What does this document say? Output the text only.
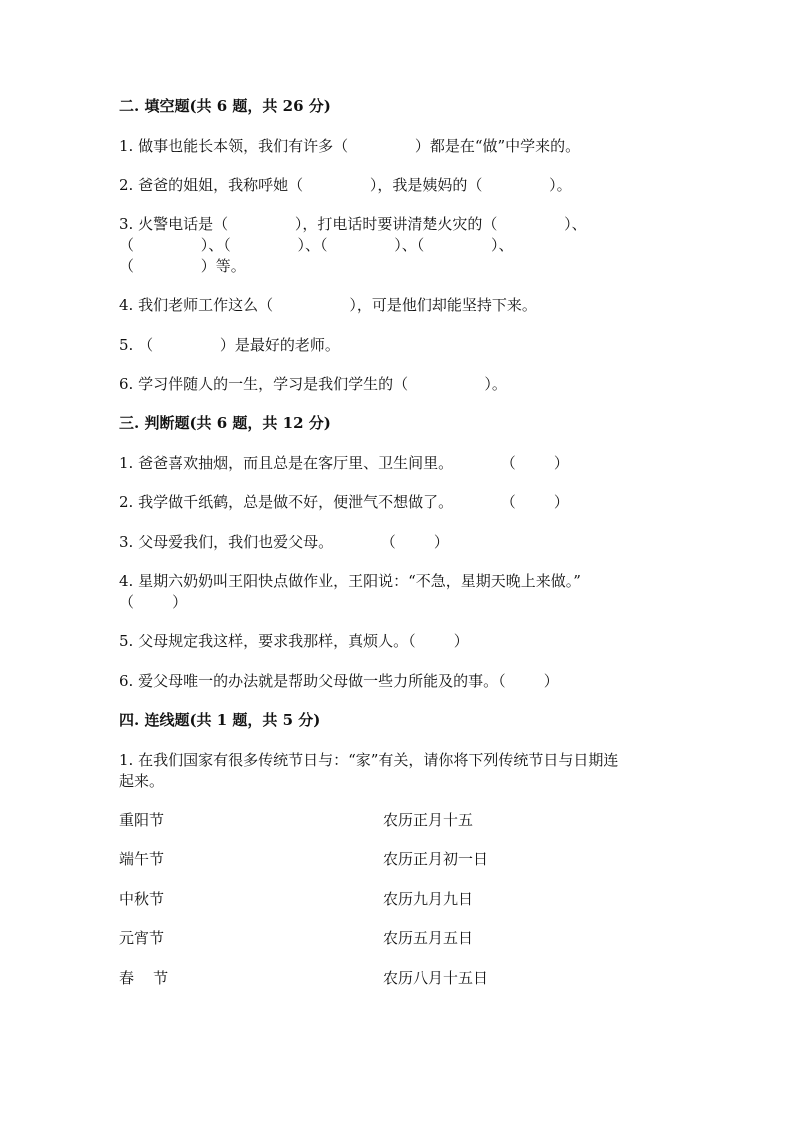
二. 填空题(共 6 题，共 26 分)
1. 做事也能长本领，我们有许多（              ）都是在“做”中学来的。
2. 爸爸的姐姐，我称呼她（              ），我是姨妈的（              ）。
3. 火警电话是（              ），打电话时要讲清楚火灾的（              ）、
（              ）、（              ）、（              ）、（              ）、
（              ）等。
4. 我们老师工作这么（                ），可是他们却能坚持下来。
5. （              ）是最好的老师。
6. 学习伴随人的一生，学习是我们学生的（                ）。
三. 判断题(共 6 题，共 12 分)
1. 爸爸喜欢抽烟，而且总是在客厅里、卫生间里。          （        ）
2. 我学做千纸鹤，总是做不好，便泄气不想做了。          （        ）
3. 父母爱我们，我们也爱父母。          （        ）
4. 星期六奶奶叫王阳快点做作业，王阳说：“不急，星期天晚上来做。”
（        ）
5. 父母规定我这样，要求我那样，真烦人。（        ）
6. 爱父母唯一的办法就是帮助父母做一些力所能及的事。（        ）
四. 连线题(共 1 题，共 5 分)
1. 在我们国家有很多传统节日与：“家”有关，请你将下列传统节日与日期连
起来。
重阳节	农历正月十五
端午节	农历正月初一日
中秋节	农历九月九日
元宵节	农历五月五日
春    节	农历八月十五日
